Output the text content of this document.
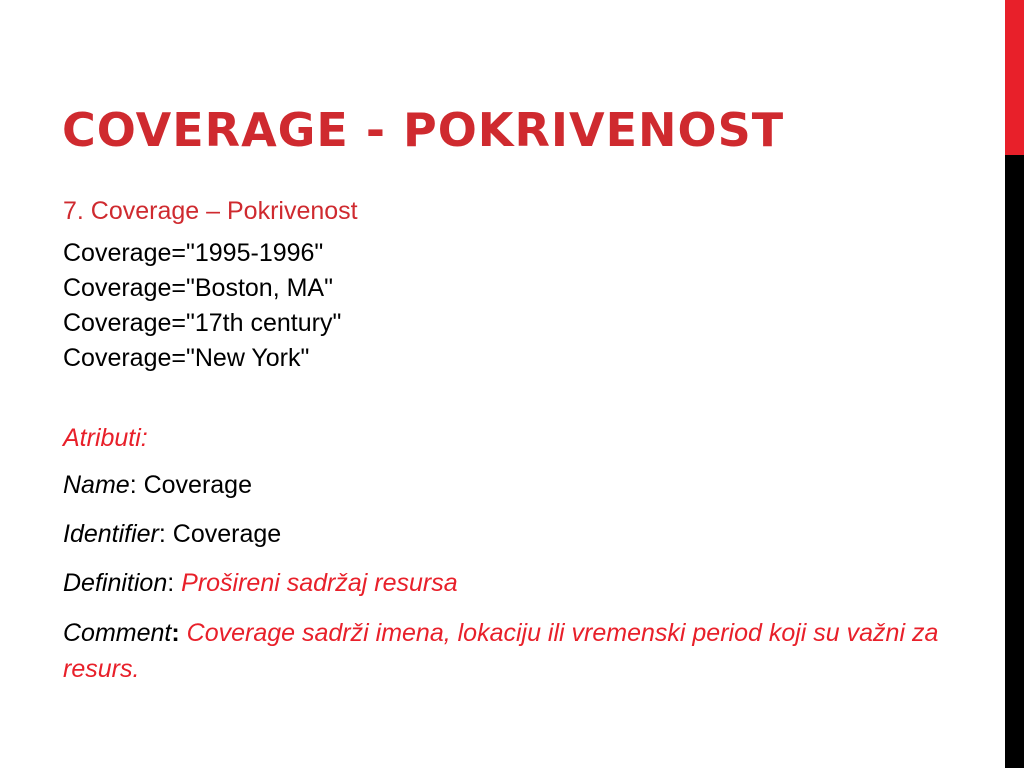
COVERAGE - POKRIVENOST

7. Coverage – Pokrivenost

Coverage="1995-1996"
Coverage="Boston, MA"
Coverage="17th century"
Coverage="New York"

Atributi:

Name: Coverage

Identifier: Coverage

Definition: Prošireni sadržaj resursa

Comment: Coverage sadrži imena, lokaciju ili vremenski period koji su važni za resurs.
